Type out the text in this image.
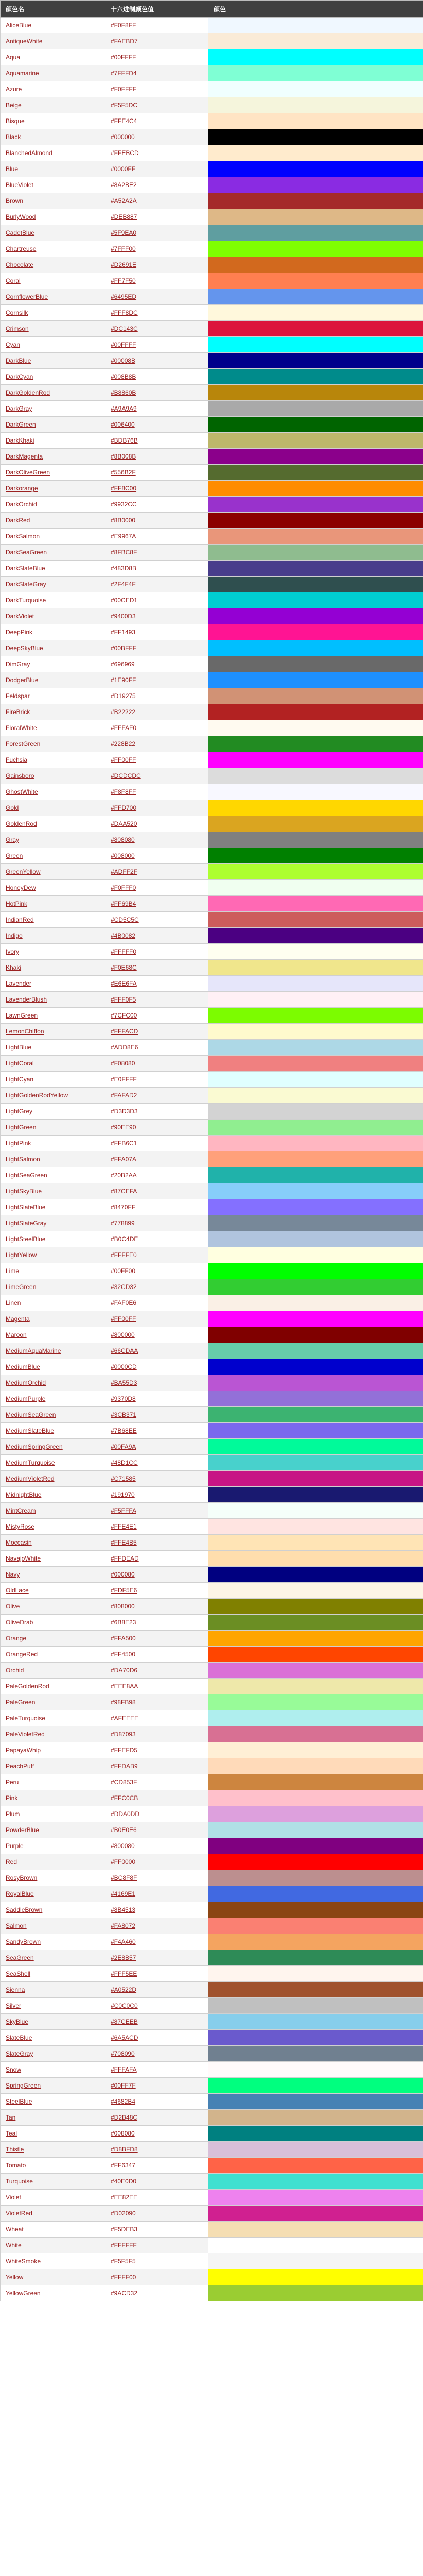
颜色名	十六进制颜色值	颜色
AliceBlue	#F0F8FF	
AntiqueWhite	#FAEBD7	
Aqua	#00FFFF	
Aquamarine	#7FFFD4	
Azure	#F0FFFF	
Beige	#F5F5DC	
Bisque	#FFE4C4	
Black	#000000	
BlanchedAlmond	#FFEBCD	
Blue	#0000FF	
BlueViolet	#8A2BE2	
Brown	#A52A2A	
BurlyWood	#DEB887	
CadetBlue	#5F9EA0	
Chartreuse	#7FFF00	
Chocolate	#D2691E	
Coral	#FF7F50	
CornflowerBlue	#6495ED	
Cornsilk	#FFF8DC	
Crimson	#DC143C	
Cyan	#00FFFF	
DarkBlue	#00008B	
DarkCyan	#008B8B	
DarkGoldenRod	#B8860B	
DarkGray	#A9A9A9	
DarkGreen	#006400	
DarkKhaki	#BDB76B	
DarkMagenta	#8B008B	
DarkOliveGreen	#556B2F	
Darkorange	#FF8C00	
DarkOrchid	#9932CC	
DarkRed	#8B0000	
DarkSalmon	#E9967A	
DarkSeaGreen	#8FBC8F	
DarkSlateBlue	#483D8B	
DarkSlateGray	#2F4F4F	
DarkTurquoise	#00CED1	
DarkViolet	#9400D3	
DeepPink	#FF1493	
DeepSkyBlue	#00BFFF	
DimGray	#696969	
DodgerBlue	#1E90FF	
Feldspar	#D19275	
FireBrick	#B22222	
FloralWhite	#FFFAF0	
ForestGreen	#228B22	
Fuchsia	#FF00FF	
Gainsboro	#DCDCDC	
GhostWhite	#F8F8FF	
Gold	#FFD700	
GoldenRod	#DAA520	
Gray	#808080	
Green	#008000	
GreenYellow	#ADFF2F	
HoneyDew	#F0FFF0	
HotPink	#FF69B4	
IndianRed	#CD5C5C	
Indigo	#4B0082	
Ivory	#FFFFF0	
Khaki	#F0E68C	
Lavender	#E6E6FA	
LavenderBlush	#FFF0F5	
LawnGreen	#7CFC00	
LemonChiffon	#FFFACD	
LightBlue	#ADD8E6	
LightCoral	#F08080	
LightCyan	#E0FFFF	
LightGoldenRodYellow	#FAFAD2	
LightGrey	#D3D3D3	
LightGreen	#90EE90	
LightPink	#FFB6C1	
LightSalmon	#FFA07A	
LightSeaGreen	#20B2AA	
LightSkyBlue	#87CEFA	
LightSlateBlue	#8470FF	
LightSlateGray	#778899	
LightSteelBlue	#B0C4DE	
LightYellow	#FFFFE0	
Lime	#00FF00	
LimeGreen	#32CD32	
Linen	#FAF0E6	
Magenta	#FF00FF	
Maroon	#800000	
MediumAquaMarine	#66CDAA	
MediumBlue	#0000CD	
MediumOrchid	#BA55D3	
MediumPurple	#9370D8	
MediumSeaGreen	#3CB371	
MediumSlateBlue	#7B68EE	
MediumSpringGreen	#00FA9A	
MediumTurquoise	#48D1CC	
MediumVioletRed	#C71585	
MidnightBlue	#191970	
MintCream	#F5FFFA	
MistyRose	#FFE4E1	
Moccasin	#FFE4B5	
NavajoWhite	#FFDEAD	
Navy	#000080	
OldLace	#FDF5E6	
Olive	#808000	
OliveDrab	#6B8E23	
Orange	#FFA500	
OrangeRed	#FF4500	
Orchid	#DA70D6	
PaleGoldenRod	#EEE8AA	
PaleGreen	#98FB98	
PaleTurquoise	#AFEEEE	
PaleVioletRed	#D87093	
PapayaWhip	#FFEFD5	
PeachPuff	#FFDAB9	
Peru	#CD853F	
Pink	#FFC0CB	
Plum	#DDA0DD	
PowderBlue	#B0E0E6	
Purple	#800080	
Red	#FF0000	
RosyBrown	#BC8F8F	
RoyalBlue	#4169E1	
SaddleBrown	#8B4513	
Salmon	#FA8072	
SandyBrown	#F4A460	
SeaGreen	#2E8B57	
SeaShell	#FFF5EE	
Sienna	#A0522D	
Silver	#C0C0C0	
SkyBlue	#87CEEB	
SlateBlue	#6A5ACD	
SlateGray	#708090	
Snow	#FFFAFA	
SpringGreen	#00FF7F	
SteelBlue	#4682B4	
Tan	#D2B48C	
Teal	#008080	
Thistle	#D8BFD8	
Tomato	#FF6347	
Turquoise	#40E0D0	
Violet	#EE82EE	
VioletRed	#D02090	
Wheat	#F5DEB3	
White	#FFFFFF	
WhiteSmoke	#F5F5F5	
Yellow	#FFFF00	
YellowGreen	#9ACD32	
